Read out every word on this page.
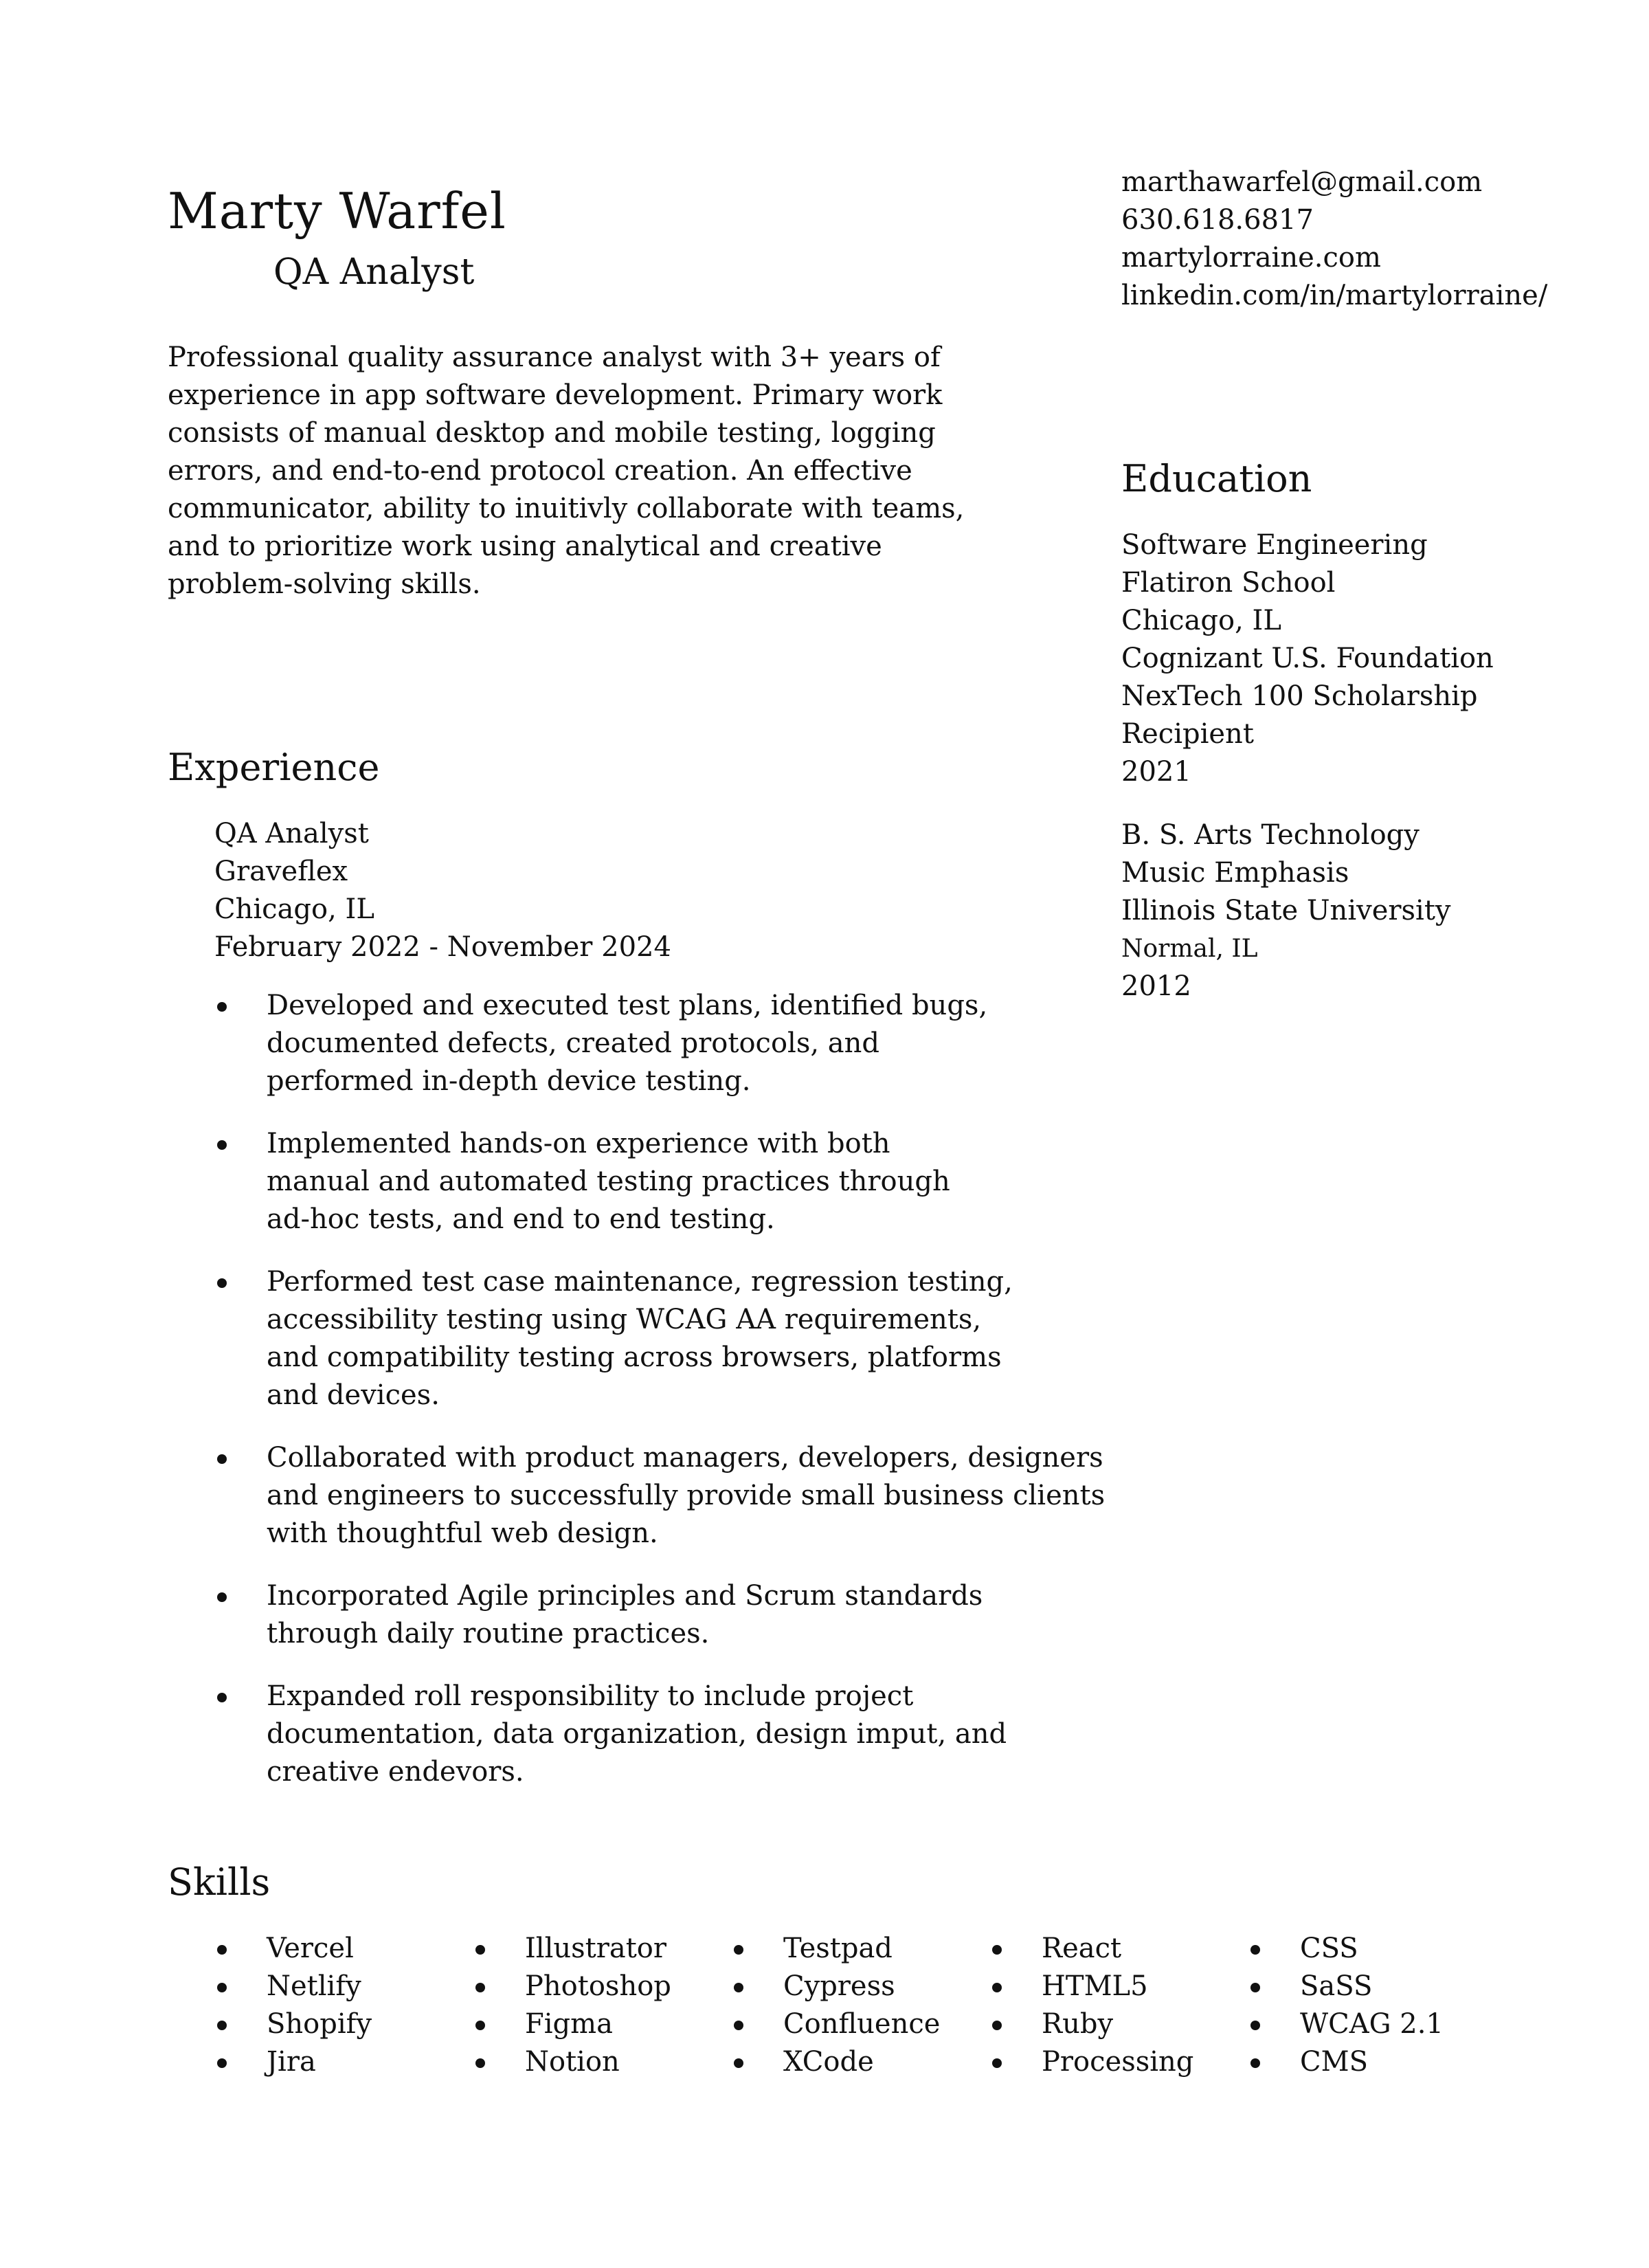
Marty Warfel
QA Analyst
Professional quality assurance analyst with 3+ years of
experience in app software development. Primary work
consists of manual desktop and mobile testing, logging
errors, and end-to-end protocol creation. An effective
communicator, ability to inuitivly collaborate with teams,
and to prioritize work using analytical and creative
problem-solving skills.
marthawarfel@gmail.com
630.618.6817
martylorraine.com
linkedin.com/in/martylorraine/
Education
Software Engineering
Flatiron School
Chicago, IL
Cognizant U.S. Foundation
NexTech 100 Scholarship
Recipient
2021
B. S. Arts Technology
Music Emphasis
Illinois State University
Normal, IL
2012
Experience
QA Analyst
Graveflex
Chicago, IL
February 2022 - November 2024
Developed and executed test plans, identified bugs,
documented defects, created protocols, and
performed in-depth device testing.
Implemented hands-on experience with both
manual and automated testing practices through
ad-hoc tests, and end to end testing.
Performed test case maintenance, regression testing,
accessibility testing using WCAG AA requirements,
and compatibility testing across browsers, platforms
and devices.
Collaborated with product managers, developers, designers
and engineers to successfully provide small business clients
with thoughtful web design.
Incorporated Agile principles and Scrum standards
through daily routine practices.
Expanded roll responsibility to include project
documentation, data organization, design imput, and
creative endevors.
Skills
Vercel
Netlify
Shopify
Jira
Illustrator
Photoshop
Figma
Notion
Testpad
Cypress
Confluence
XCode
React
HTML5
Ruby
Processing
CSS
SaSS
WCAG 2.1
CMS
